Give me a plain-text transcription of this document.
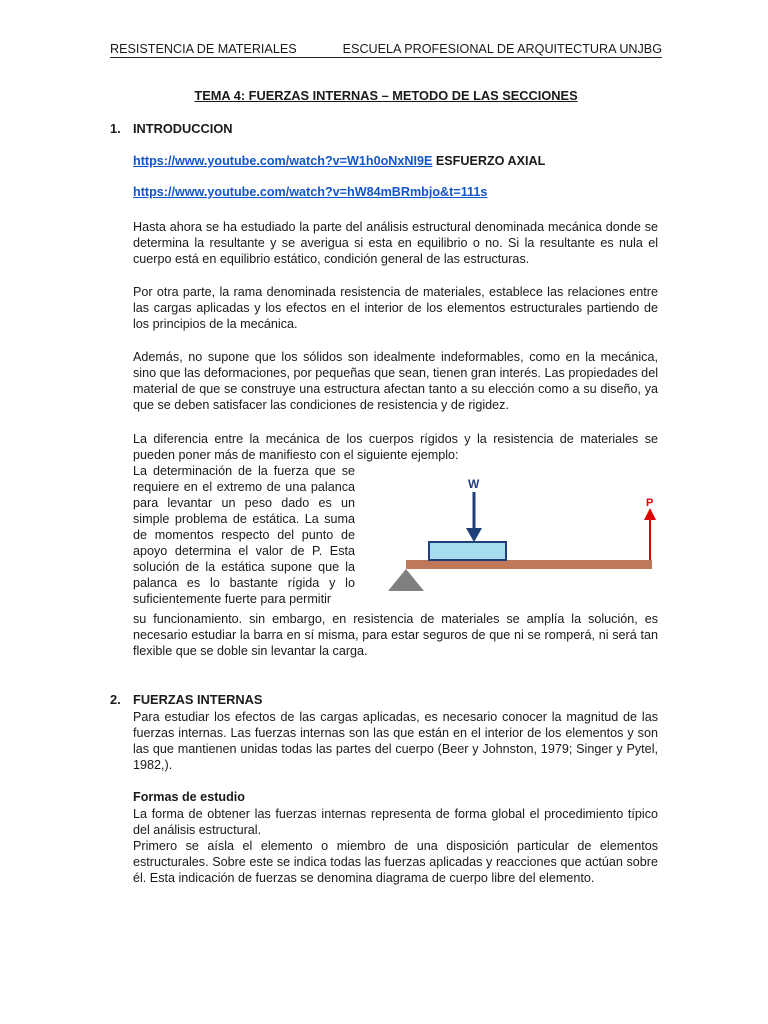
RESISTENCIA DE MATERIALES	ESCUELA PROFESIONAL DE ARQUITECTURA UNJBG
TEMA 4: FUERZAS INTERNAS – METODO DE LAS SECCIONES
1. INTRODUCCION
https://www.youtube.com/watch?v=W1h0oNxNI9E ESFUERZO AXIAL
https://www.youtube.com/watch?v=hW84mBRmbjo&t=111s

Hasta ahora se ha estudiado la parte del análisis estructural denominada mecánica donde se determina la resultante y se averigua si esta en equilibrio o no. Si la resultante es nula el cuerpo está en equilibrio estático, condición general de las estructuras.

Por otra parte, la rama denominada resistencia de materiales, establece las relaciones entre las cargas aplicadas y los efectos en el interior de los elementos estructurales partiendo de los principios de la mecánica.

Además, no supone que los sólidos son idealmente indeformables, como en la mecánica, sino que las deformaciones, por pequeñas que sean, tienen gran interés. Las propiedades del material de que se construye una estructura afectan tanto a su elección como a su diseño, ya que se deben satisfacer las condiciones de resistencia y de rigidez.

La diferencia entre la mecánica de los cuerpos rígidos y la resistencia de materiales se pueden poner más de manifiesto con el siguiente ejemplo:

La determinación de la fuerza que se requiere en el extremo de una palanca para levantar un peso dado es un simple problema de estática. La suma de momentos respecto del punto de apoyo determina el valor de P. Esta solución de la estática supone que la palanca es lo bastante rígida y lo suficientemente fuerte para permitir

su funcionamiento. sin embargo, en resistencia de materiales se amplía la solución, es necesario estudiar la barra en sí misma, para estar seguros de que ni se romperá, ni será tan flexible que se doble sin levantar la carga.

W
P
2. FUERZAS INTERNAS

Para estudiar los efectos de las cargas aplicadas, es necesario conocer la magnitud de las fuerzas internas. Las fuerzas internas son las que están en el interior de los elementos y son las que mantienen unidas todas las partes del cuerpo (Beer y Johnston, 1979; Singer y Pytel, 1982,).

Formas de estudio

La forma de obtener las fuerzas internas representa de forma global el procedimiento típico del análisis estructural.

Primero se aísla el elemento o miembro de una disposición particular de elementos estructurales. Sobre este se indica todas las fuerzas aplicadas y reacciones que actúan sobre él. Esta indicación de fuerzas se denomina diagrama de cuerpo libre del elemento.
